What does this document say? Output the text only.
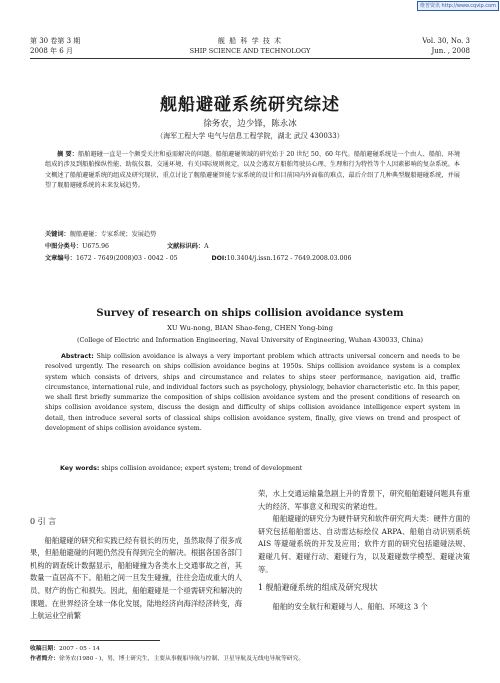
维普资讯 http://www.cqvip.com
第 30 卷第 3 期
2008 年 6 月
舰 船 科 学 技 术
SHIP SCIENCE AND TECHNOLOGY
Vol. 30, No. 3
Jun. , 2008
舰船避碰系统研究综述
徐务农，边少锋，陈永冰
（海军工程大学 电气与信息工程学院，湖北 武汉 430033）
摘 要：船舶避碰一直是一个颇受关注和亟需解决的问题。船舶避碰领域的研究始于 20 世纪 50、60 年代。船舶避碰系统是一个由人、船舶、环境组成的涉及到船舶操纵性能、助航仪器、交通环境、有关国际规则规定，以及会遇双方船舶驾驶员心理、生理和行为特性等个人因素影响的复杂系统。本文概述了船舶避碰系统的组成及研究现状，重点讨论了舰船避碰智能专家系统的设计和目前国内外面临的难点，最后介绍了几种典型舰船避碰系统，并展望了舰船避碰系统的未来发展趋势。
关键词：舰船避碰；专家系统；发展趋势
中图分类号：U675.96	文献标识码：A
文章编号：1672 - 7649(2008)03 - 0042 - 05	DOI:10.3404/j.issn.1672 - 7649.2008.03.006
Survey of research on ships collision avoidance system
XU Wu-nong, BIAN Shao-feng, CHEN Yong-bing
(College of Electric and Information Engineering, Naval University of Engineering, Wuhan 430033, China)
Abstract: Ship collision avoidance is always a very important problem which attracts universal concern and needs to be resolved urgently. The research on ships collision avoidance begins at 1950s. Ships collision avoidance system is a complex system which consists of drivers, ships and circumstance and relates to ships steer performance, navigation aid, traffic circumstance, international rule, and individual factors such as psychology, physiology, behavior characteristic etc. In this paper, we shall first briefly summarize the composition of ships collision avoidance system and the present conditions of research on ships collision avoidance system, discuss the design and difficulty of ships collision avoidance intelligence expert system in detail, then introduce several sorts of classical ships collision avoidance system, finally, give views on trend and prospect of development of ships collision avoidance system.
Key words: ships collision avoidance; expert system; trend of development
0 引 言

船舶避碰的研究和实践已经有很长的历史，虽然取得了很多成果，但船舶避碰的问题仍然没有得到完全的解决。根据各国各部门机构的调查统计数据显示，船舶碰撞为各类水上交通事故之首，其数量一直居高不下。船舶之间一旦发生碰撞，往往会造成重大的人员、财产的伤亡和损失。因此，船舶避碰是一个亟需研究和解决的课题。在世界经济全球一体化发展，陆地经济向海洋经济转变，海上航运业空前繁

荣，水上交通运输量急剧上升的背景下，研究船舶避碰问题具有重大的经济、军事意义和现实的紧迫性。

船舶避碰的研究分为硬件研究和软件研究两大类：硬件方面的研究包括船舶雷达、自动雷达标绘仪 ARPA、船舶自动识别系统 AIS 等避碰系统的开发及应用；软件方面的研究包括避碰法规、避碰几何、避碰行动、避碰行为，以及避碰数学模型、避碰决策等。

1 舰船避碰系统的组成及研究现状

船舶的安全航行和避碰与人、船舶、环境这 3 个

收稿日期：2007 - 05 - 14
作者简介：徐务农(1980 - )，男，博士研究生，主要从事舰船导航与控制、卫星导航及无线电导航等研究。
